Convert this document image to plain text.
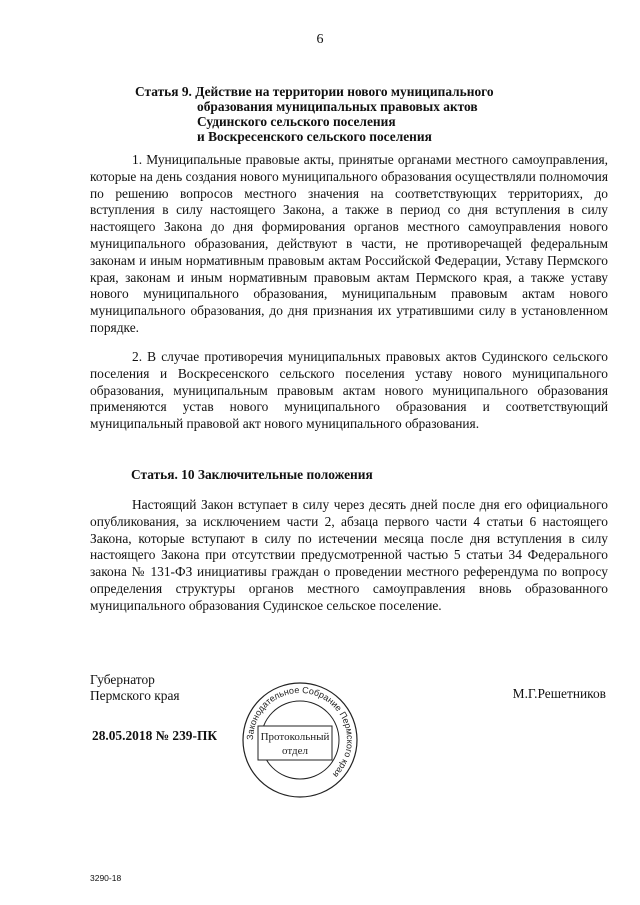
6
Статья 9. Действие на территории нового муниципального
образования муниципальных правовых актов
Судинского сельского поселения
и Воскресенского сельского поселения

1. Муниципальные правовые акты, принятые органами местного самоуправления, которые на день создания нового муниципального образования осуществляли полномочия по решению вопросов местного значения на соответствующих территориях, до вступления в силу настоящего Закона, а также в период со дня вступления в силу настоящего Закона до дня формирования органов местного самоуправления нового муниципального образования, действуют в части, не противоречащей федеральным законам и иным нормативным правовым актам Российской Федерации, Уставу Пермского края, законам и иным нормативным правовым актам Пермского края, а также уставу нового муниципального образования, муниципальным правовым актам нового муниципального образования, до дня признания их утратившими силу в установленном порядке.

2. В случае противоречия муниципальных правовых актов Судинского сельского поселения и Воскресенского сельского поселения уставу нового муниципального образования, муниципальным правовым актам нового муниципального образования применяются устав нового муниципального образования и соответствующий муниципальный правовой акт нового муниципального образования.

Статья. 10 Заключительные положения

Настоящий Закон вступает в силу через десять дней после дня его официального опубликования, за исключением части 2, абзаца первого части 4 статьи 6 настоящего Закона, которые вступают в силу по истечении месяца после дня вступления в силу настоящего Закона при отсутствии предусмотренной частью 5 статьи 34 Федерального закона № 131-ФЗ инициативы граждан о проведении местного референдума по вопросу определения структуры органов местного самоуправления вновь образованного муниципального образования Судинское сельское поселение.

Губернатор
Пермского края	М.Г.Решетников
28.05.2018 № 239-ПК	Законодательное Собрание Пермского края
Протокольный
отдел
3290-18
